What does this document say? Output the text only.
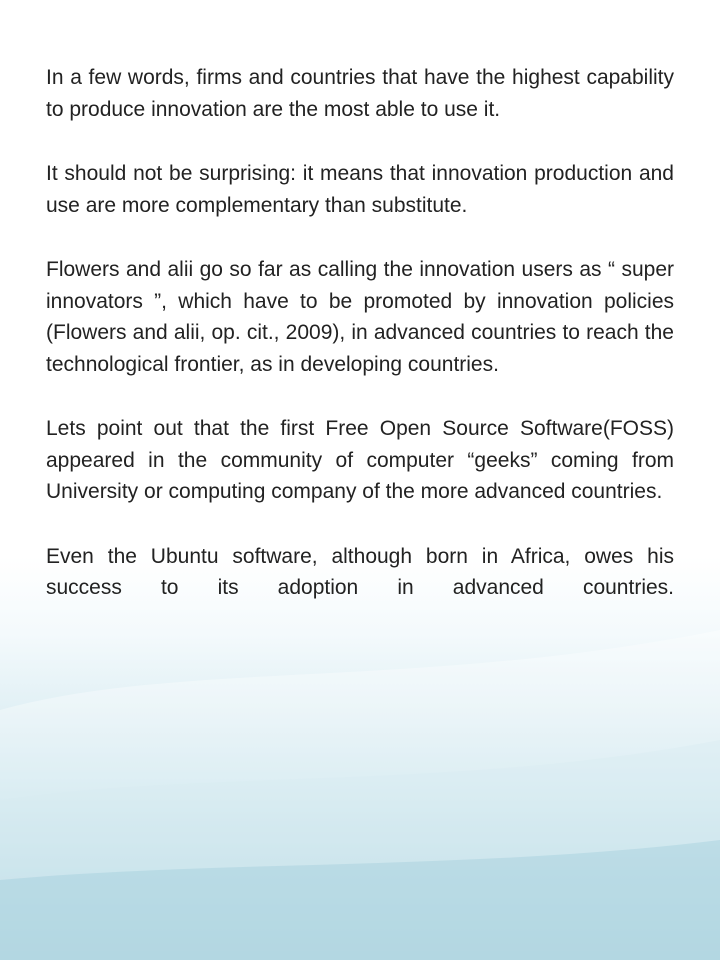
In a few words, firms and countries that have the highest capability to produce innovation are the most able to use it.

It should not be surprising: it means that innovation production and use are more complementary than substitute.

Flowers and alii go so far as calling the innovation users as “ super innovators ”, which have to be promoted by innovation policies (Flowers and alii, op. cit., 2009), in advanced countries to reach the technological frontier, as in developing countries.

Lets point out that the first Free Open Source Software(FOSS) appeared in the community of computer “geeks” coming from University or computing company of the more advanced countries.

Even the Ubuntu software, although born in Africa, owes his success to its adoption in advanced countries.
